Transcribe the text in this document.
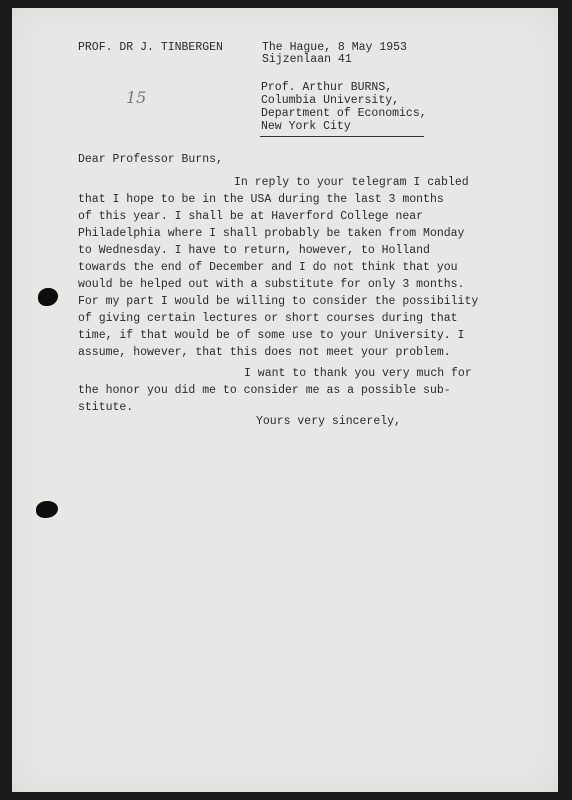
PROF. DR J. TINBERGEN	The Hague, 8 May 1953
Sijzenlaan 41
15
Prof. Arthur BURNS,
Columbia University,
Department of Economics,
New York City
Dear Professor Burns,
In reply to your telegram I cabled
that I hope to be in the USA during the last 3 months
of this year. I shall be at Haverford College near
Philadelphia where I shall probably be taken from Monday
to Wednesday. I have to return, however, to Holland
towards the end of December and I do not think that you
would be helped out with a substitute for only 3 months.
For my part I would be willing to consider the possibility
of giving certain lectures or short courses during that
time, if that would be of some use to your University. I
assume, however, that this does not meet your problem.
I want to thank you very much for
the honor you did me to consider me as a possible sub-
stitute.
Yours very sincerely,
